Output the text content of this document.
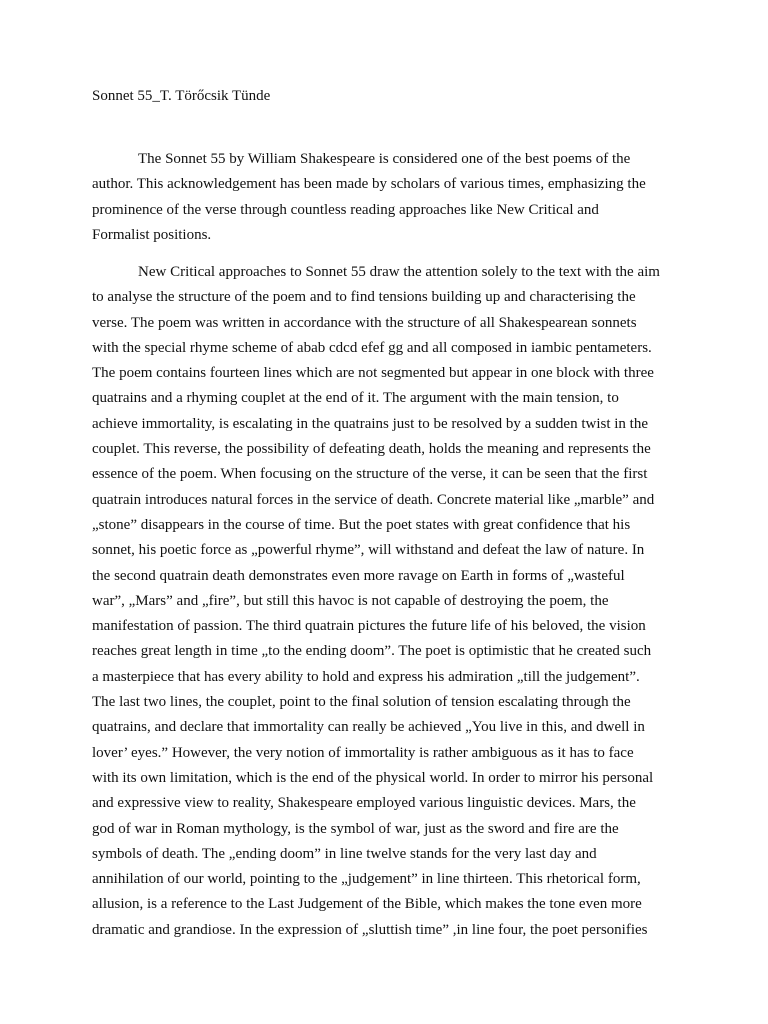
Sonnet 55_T. Törőcsik Tünde
The Sonnet 55 by William Shakespeare is considered one of the best poems of the
author. This acknowledgement has been made by scholars of various times, emphasizing the
prominence of the verse through countless reading approaches like New Critical and
Formalist positions.
New Critical approaches to Sonnet 55 draw the attention solely to the text with the aim
to analyse the structure of the poem and to find tensions building up and characterising the
verse. The poem was written in accordance with the structure of all Shakespearean sonnets
with the special rhyme scheme of abab cdcd efef gg and all composed in iambic pentameters.
The poem contains fourteen lines which are not segmented but appear in one block with three
quatrains and a rhyming couplet at the end of it. The argument with the main tension, to
achieve immortality, is escalating in the quatrains just to be resolved by a sudden twist in the
couplet. This reverse, the possibility of defeating death, holds the meaning and represents the
essence of the poem. When focusing on the structure of the verse, it can be seen that the first
quatrain introduces natural forces in the service of death. Concrete material like „marble” and
„stone” disappears in the course of time. But the poet states with great confidence that his
sonnet, his poetic force as „powerful rhyme”, will withstand and defeat the law of nature. In
the second quatrain death demonstrates even more ravage on Earth in forms of „wasteful
war”, „Mars” and „fire”, but still this havoc is not capable of destroying the poem, the
manifestation of passion. The third quatrain pictures the future life of his beloved, the vision
reaches great length in time „to the ending doom”. The poet is optimistic that he created such
a masterpiece that has every ability to hold and express his admiration „till the judgement”.
The last two lines, the couplet, point to the final solution of tension escalating through the
quatrains, and declare that immortality can really be achieved „You live in this, and dwell in
lover’ eyes.” However, the very notion of immortality is rather ambiguous as it has to face
with its own limitation, which is the end of the physical world. In order to mirror his personal
and expressive view to reality, Shakespeare employed various linguistic devices. Mars, the
god of war in Roman mythology, is the symbol of war, just as the sword and fire are the
symbols of death. The „ending doom” in line twelve stands for the very last day and
annihilation of our world, pointing to the „judgement” in line thirteen. This rhetorical form,
allusion, is a reference to the Last Judgement of the Bible, which makes the tone even more
dramatic and grandiose. In the expression of „sluttish time” ,in line four, the poet personifies
